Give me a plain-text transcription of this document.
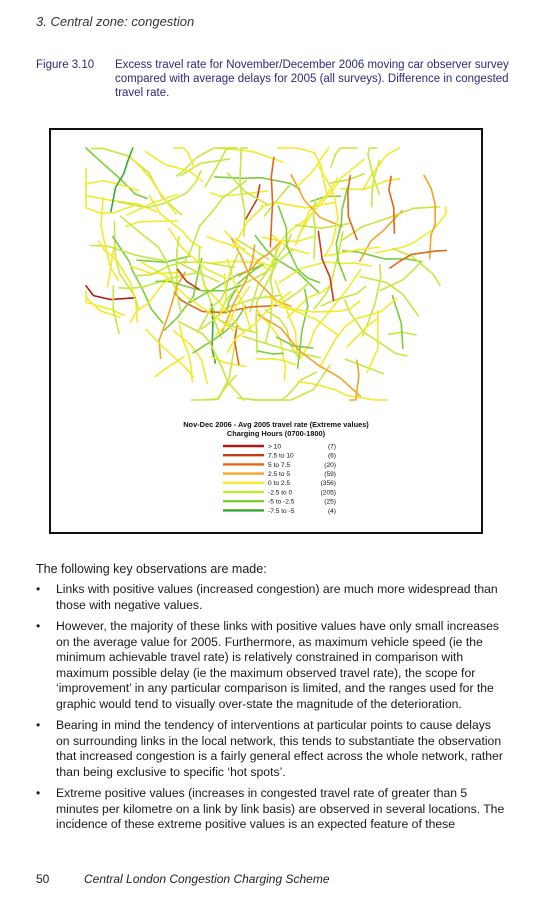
3. Central zone: congestion
Figure 3.10 Excess travel rate for November/December 2006 moving car observer survey compared with average delays for 2005 (all surveys). Difference in congested travel rate.
Nov-Dec 2006 - Avg 2005 travel rate (Extreme values)
Charging Hours (0700-1800)
> 10	(7)
7.5 to 10	(6)
5 to 7.5	(20)
2.5 to 5	(59)
0 to 2.5	(356)
-2.5 to 0	(205)
-5 to -2.5	(25)
-7.5 to -5	(4)
The following key observations are made:
• Links with positive values (increased congestion) are much more widespread than those with negative values.
• However, the majority of these links with positive values have only small increases on the average value for 2005. Furthermore, as maximum vehicle speed (ie the minimum achievable travel rate) is relatively constrained in comparison with maximum possible delay (ie the maximum observed travel rate), the scope for ‘improvement’ in any particular comparison is limited, and the ranges used for the graphic would tend to visually over-state the magnitude of the deterioration.
• Bearing in mind the tendency of interventions at particular points to cause delays on surrounding links in the local network, this tends to substantiate the observation that increased congestion is a fairly general effect across the whole network, rather than being exclusive to specific ‘hot spots’.
• Extreme positive values (increases in congested travel rate of greater than 5 minutes per kilometre on a link by link basis) are observed in several locations. The incidence of these extreme positive values is an expected feature of these
50	Central London Congestion Charging Scheme
